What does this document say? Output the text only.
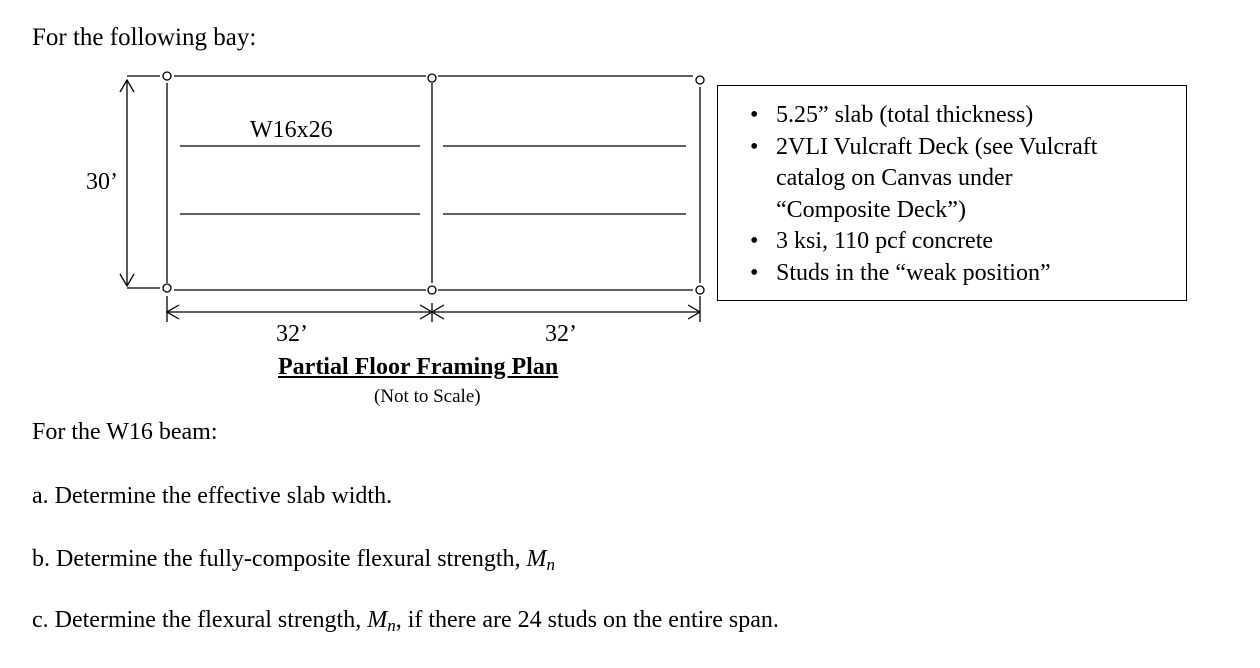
For the following bay:
W16x26
30’
32’	32’
Partial Floor Framing Plan
(Not to Scale)
• 5.25” slab (total thickness)
• 2VLI Vulcraft Deck (see Vulcraft
catalog on Canvas under
“Composite Deck”)
• 3 ksi, 110 pcf concrete
• Studs in the “weak position”
For the W16 beam:
a. Determine the effective slab width.
b. Determine the fully-composite flexural strength, $M_n$
c. Determine the flexural strength, $M_n$, if there are 24 studs on the entire span.
